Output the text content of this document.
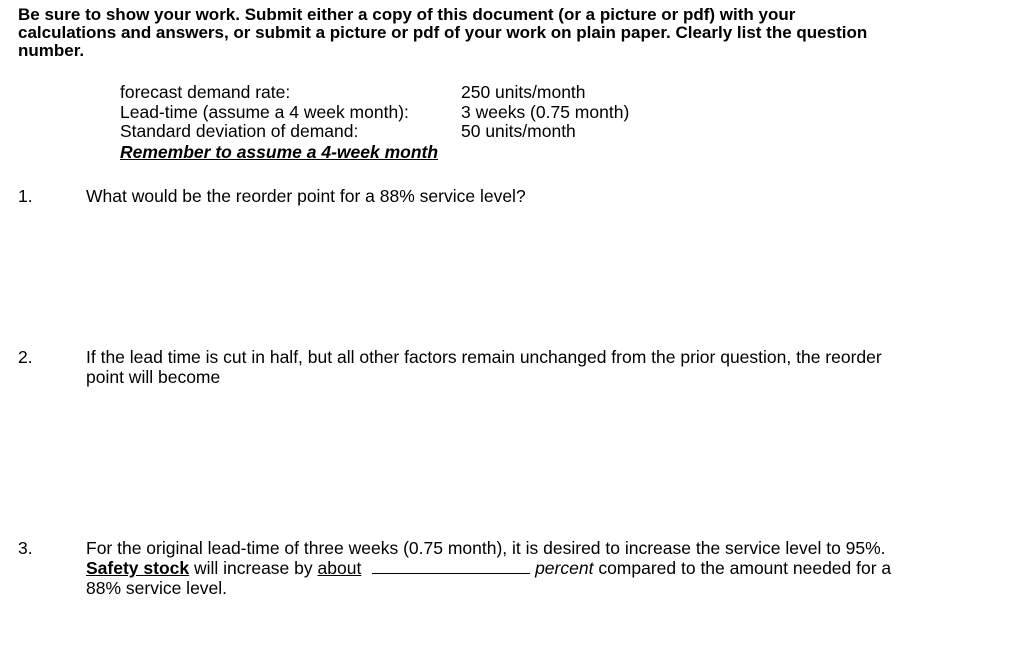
Be sure to show your work. Submit either a copy of this document (or a picture or pdf) with your calculations and answers, or submit a picture or pdf of your work on plain paper. Clearly list the question number.
forecast demand rate:	250 units/month
Lead-time (assume a 4 week month):	3 weeks (0.75 month)
Standard deviation of demand:	50 units/month
Remember to assume a 4-week month
1.	What would be the reorder point for a 88% service level?
2.	If the lead time is cut in half, but all other factors remain unchanged from the prior question, the reorder point will become
3.	For the original lead-time of three weeks (0.75 month), it is desired to increase the service level to 95%.  Safety stock will increase by about	percent compared to the amount needed for a 88% service level.
